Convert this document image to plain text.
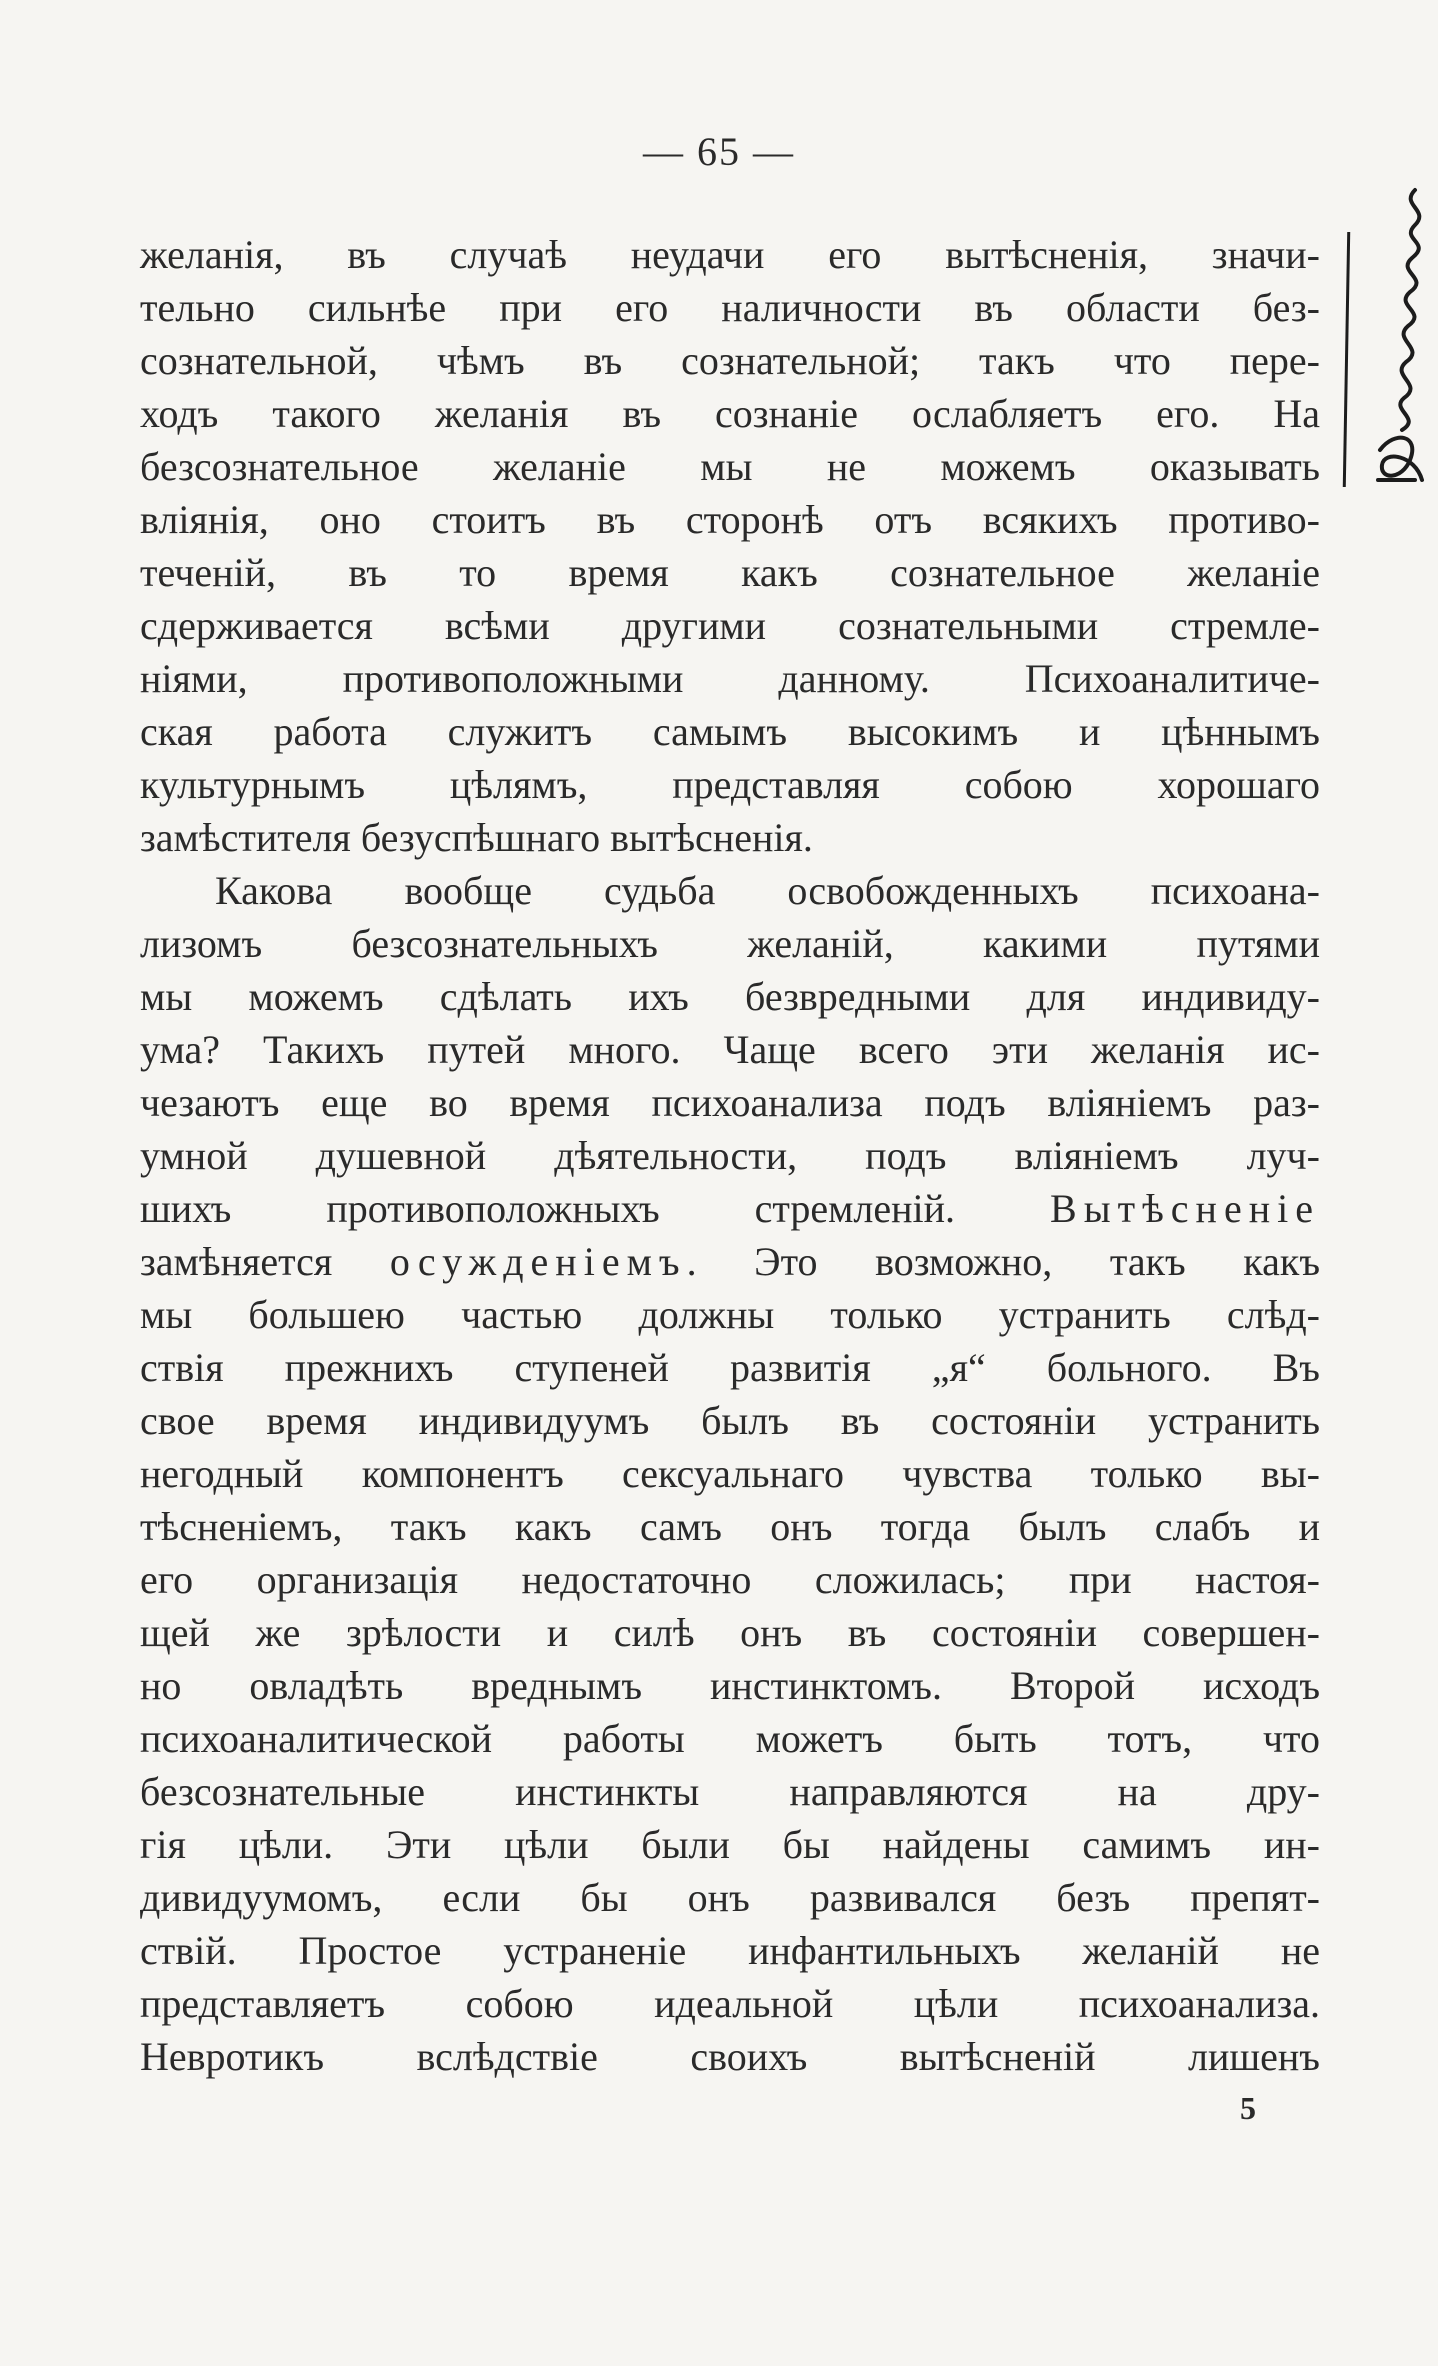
— 65 —
желанія, въ случаѣ неудачи его вытѣсненія, значи-
тельно сильнѣе при его наличности въ области без-
сознательной, чѣмъ въ сознательной; такъ что пере-
ходъ такого желанія въ сознаніе ослабляетъ его. На
безсознательное желаніе мы не можемъ оказывать
вліянія, оно стоитъ въ сторонѣ отъ всякихъ противо-
теченій, въ то время какъ сознательное желаніе
сдерживается всѣми другими сознательными стремле-
ніями, противоположными данному. Психоаналитиче-
ская работа служитъ самымъ высокимъ и цѣннымъ
культурнымъ цѣлямъ, представляя собою хорошаго
замѣстителя безуспѣшнаго вытѣсненія.
Какова вообще судьба освобожденныхъ психоана-
лизомъ безсознательныхъ желаній, какими путями
мы можемъ сдѣлать ихъ безвредными для индивиду-
ума? Такихъ путей много. Чаще всего эти желанія ис-
чезаютъ еще во время психоанализа подъ вліяніемъ раз-
умной душевной дѣятельности, подъ вліяніемъ луч-
шихъ противоположныхъ стремленій. Вытѣсненіе
замѣняется осужденіемъ. Это возможно, такъ какъ
мы большею частью должны только устранить слѣд-
ствія прежнихъ ступеней развитія „я“ больного. Въ
свое время индивидуумъ былъ въ состояніи устранить
негодный компонентъ сексуальнаго чувства только вы-
тѣсненіемъ, такъ какъ самъ онъ тогда былъ слабъ и
его организація недостаточно сложилась; при настоя-
щей же зрѣлости и силѣ онъ въ состояніи совершен-
но овладѣть вреднымъ инстинктомъ. Второй исходъ
психоаналитической работы можетъ быть тотъ, что
безсознательные инстинкты направляются на дру-
гія цѣли. Эти цѣли были бы найдены самимъ ин-
дивидуумомъ, если бы онъ развивался безъ препят-
ствій. Простое устраненіе инфантильныхъ желаній не
представляетъ собою идеальной цѣли психоанализа.
Невротикъ вслѣдствіе своихъ вытѣсненій лишенъ
5
